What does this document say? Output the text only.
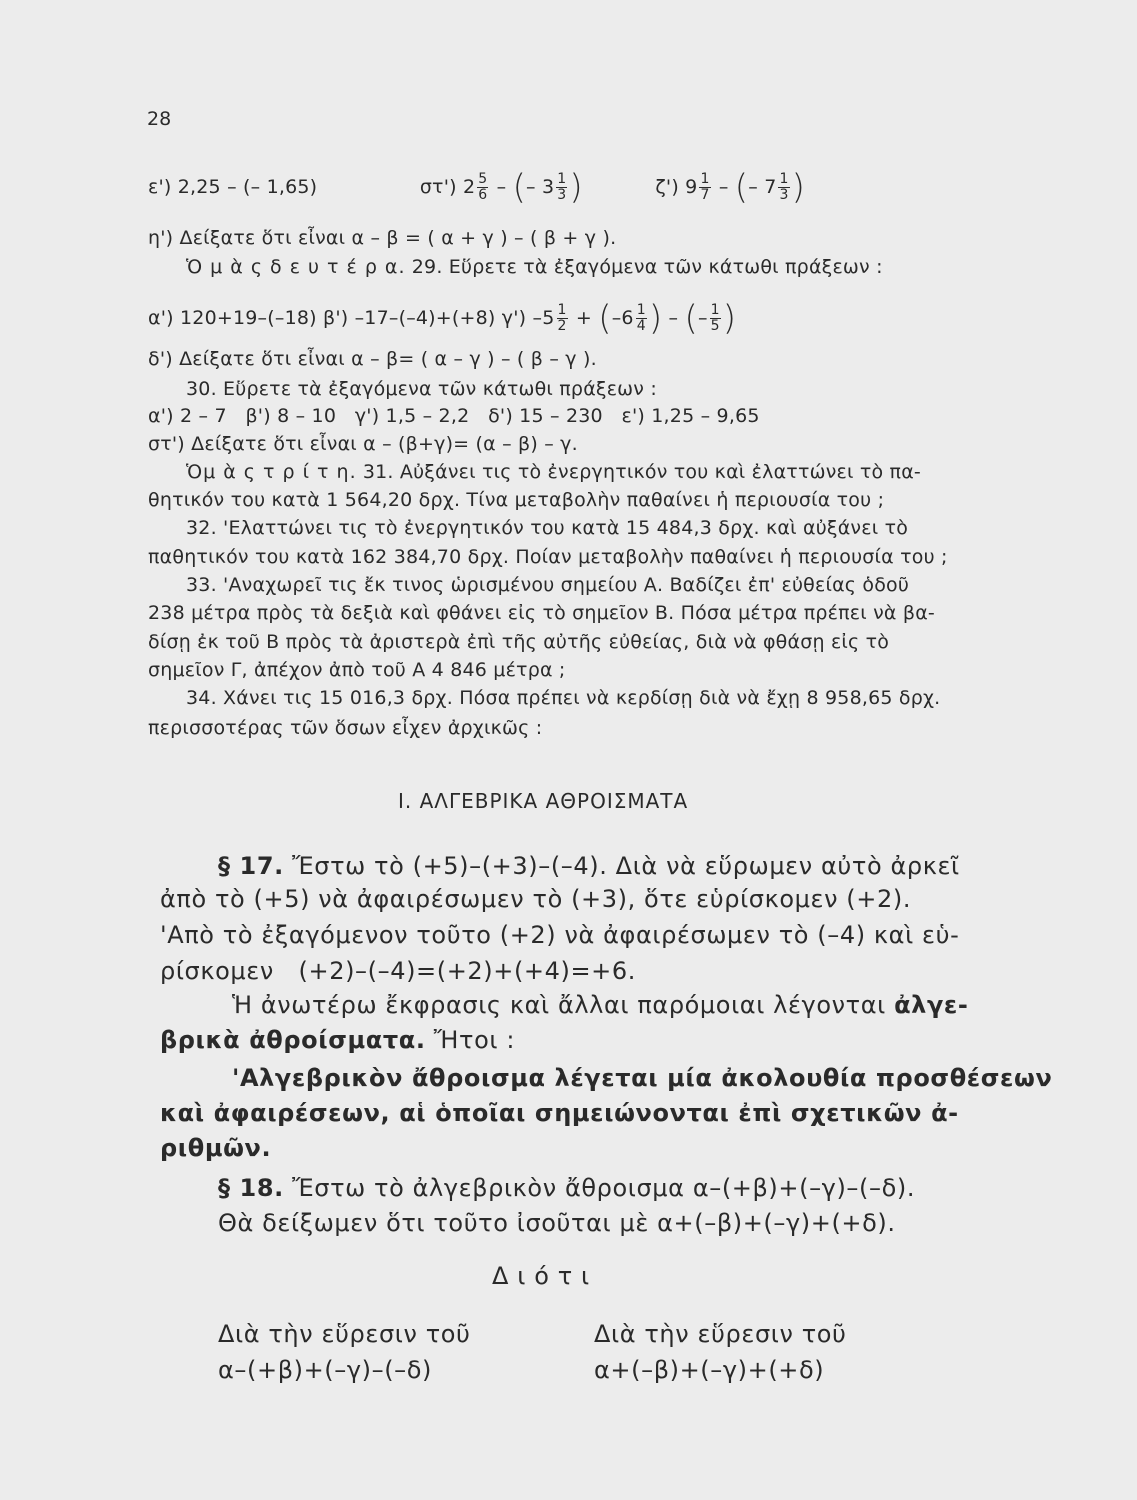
28
ε') 2,25 – (– 1,65)	στ') $2 \frac{5}{6}$ – (– $3 \frac{1}{3}$ )	ζ') $9 \frac{1}{7}$ – (– $7 \frac{1}{3}$ )
η') Δείξατε ὅτι εἶναι α – β = ( α + γ ) – ( β + γ ).
Ὁ μ ὰ ς δ ε υ τ έ ρ α. 29. Εὕρετε τὰ ἐξαγόμενα τῶν κάτωθι πράξεων :
α') 120+19–(–18) β') –17–(–4)+(+8) γ') $-5 \frac{1}{2} + (-6 \frac{1}{4}$ ) – (– $\frac{1}{5}$ )
δ') Δείξατε ὅτι εἶναι α – β= ( α – γ ) – ( β – γ ).
30. Εὕρετε τὰ ἐξαγόμενα τῶν κάτωθι πράξεων :
α') 2 – 7   β') 8 – 10   γ') 1,5 – 2,2   δ') 15 – 230   ε') 1,25 – 9,65
στ') Δείξατε ὅτι εἶναι α – (β+γ)= (α – β) – γ.
Ὁμ ὰ ς τ ρ ί τ η. 31. Αὐξάνει τις τὸ ἐνεργητικόν του καὶ ἐλαττώνει τὸ πα-
θητικόν του κατὰ 1 564,20 δρχ. Τίνα μεταβολὴν παθαίνει ἡ περιουσία του ;
32. 'Ελαττώνει τις τὸ ἐνεργητικόν του κατὰ 15 484,3 δρχ. καὶ αὐξάνει τὸ
παθητικόν του κατὰ 162 384,70 δρχ. Ποίαν μεταβολὴν παθαίνει ἡ περιουσία του ;
33. 'Αναχωρεῖ τις ἔκ τινος ὡρισμένου σημείου Α. Βαδίζει ἐπ' εὐθείας ὁδοῦ
238 μέτρα πρὸς τὰ δεξιὰ καὶ φθάνει εἰς τὸ σημεῖον Β. Πόσα μέτρα πρέπει νὰ βα-
δίσῃ ἐκ τοῦ Β πρὸς τὰ ἀριστερὰ ἐπὶ τῆς αὐτῆς εὐθείας, διὰ νὰ φθάσῃ εἰς τὸ
σημεῖον Γ, ἀπέχον ἀπὸ τοῦ Α 4 846 μέτρα ;
34. Χάνει τις 15 016,3 δρχ. Πόσα πρέπει νὰ κερδίσῃ διὰ νὰ ἔχῃ 8 958,65 δρχ.
περισσοτέρας τῶν ὅσων εἶχεν ἀρχικῶς :
Ι. ΑΛΓΕΒΡΙΚΑ ΑΘΡΟΙΣΜΑΤΑ
§ 17. Ἔστω τὸ (+5)–(+3)–(–4). Διὰ νὰ εὕρωμεν αὐτὸ ἀρκεῖ
ἀπὸ τὸ (+5) νὰ ἀφαιρέσωμεν τὸ (+3), ὅτε εὑρίσκομεν (+2).
'Απὸ τὸ ἐξαγόμενον τοῦτο (+2) νὰ ἀφαιρέσωμεν τὸ (–4) καὶ εὑ-
ρίσκομεν   (+2)–(–4)=(+2)+(+4)=+6.
Ἡ ἀνωτέρω ἔκφρασις καὶ ἄλλαι παρόμοιαι λέγονται ἀλγε-
βρικὰ ἀθροίσματα. Ἤτοι :
'Αλγεβρικὸν ἄθροισμα λέγεται μία ἀκολουθία προσθέσεων
καὶ ἀφαιρέσεων, αἱ ὁποῖαι σημειώνονται ἐπὶ σχετικῶν ἀ-
ριθμῶν.
§ 18. Ἔστω τὸ ἀλγεβρικὸν ἄθροισμα α–(+β)+(–γ)–(–δ).
Θὰ δείξωμεν ὅτι τοῦτο ἰσοῦται μὲ α+(–β)+(–γ)+(+δ).
Δ ι ό τ ι
Διὰ τὴν εὕρεσιν τοῦ
α–(+β)+(–γ)–(–δ)
Διὰ τὴν εὕρεσιν τοῦ
α+(–β)+(–γ)+(+δ)
